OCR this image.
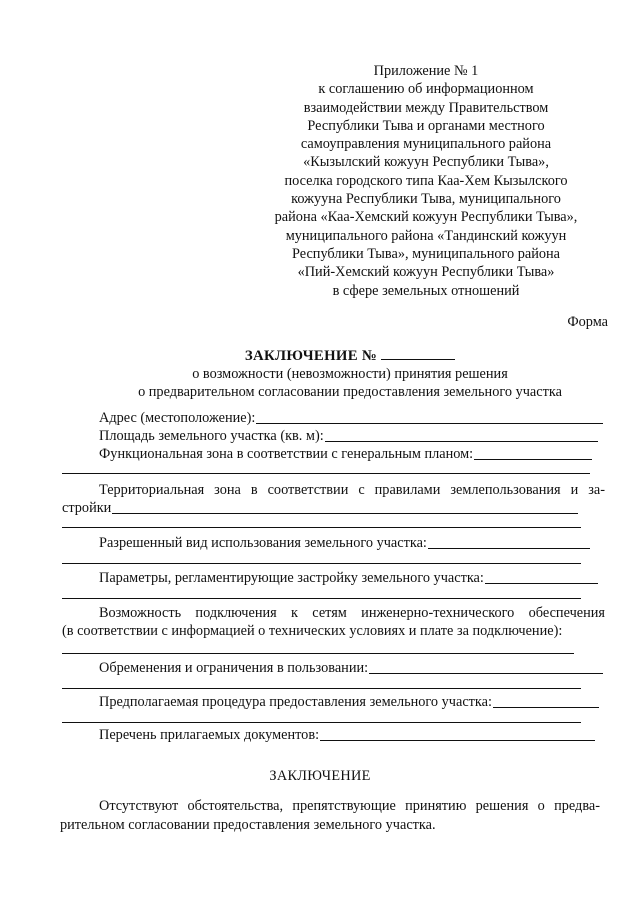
Приложение № 1
к соглашению об информационном
взаимодействии между Правительством
Республики Тыва и органами местного
самоуправления муниципального района
«Кызылский кожуун Республики Тыва»,
поселка городского типа Каа-Хем Кызылского
кожууна Республики Тыва, муниципального
района «Каа-Хемский кожуун Республики Тыва»,
муниципального района «Тандинский кожуун
Республики Тыва», муниципального района
«Пий-Хемский кожуун Республики Тыва»
в сфере земельных отношений
Форма
ЗАКЛЮЧЕНИЕ №
о возможности (невозможности) принятия решения
о предварительном согласовании предоставления земельного участка
Адрес (местоположение):
Площадь земельного участка (кв. м):
Функциональная зона в соответствии с генеральным планом:
Территориальная зона в соответствии с правилами землепользования и за-
стройки
Разрешенный вид использования земельного участка:
Параметры, регламентирующие застройку земельного участка:
Возможность подключения к сетям инженерно-технического обеспечения
(в соответствии с информацией о технических условиях и плате за подключение):
Обременения и ограничения в пользовании:
Предполагаемая процедура предоставления земельного участка:
Перечень прилагаемых документов:
ЗАКЛЮЧЕНИЕ
Отсутствуют обстоятельства, препятствующие принятию решения о предва-
рительном согласовании предоставления земельного участка.
